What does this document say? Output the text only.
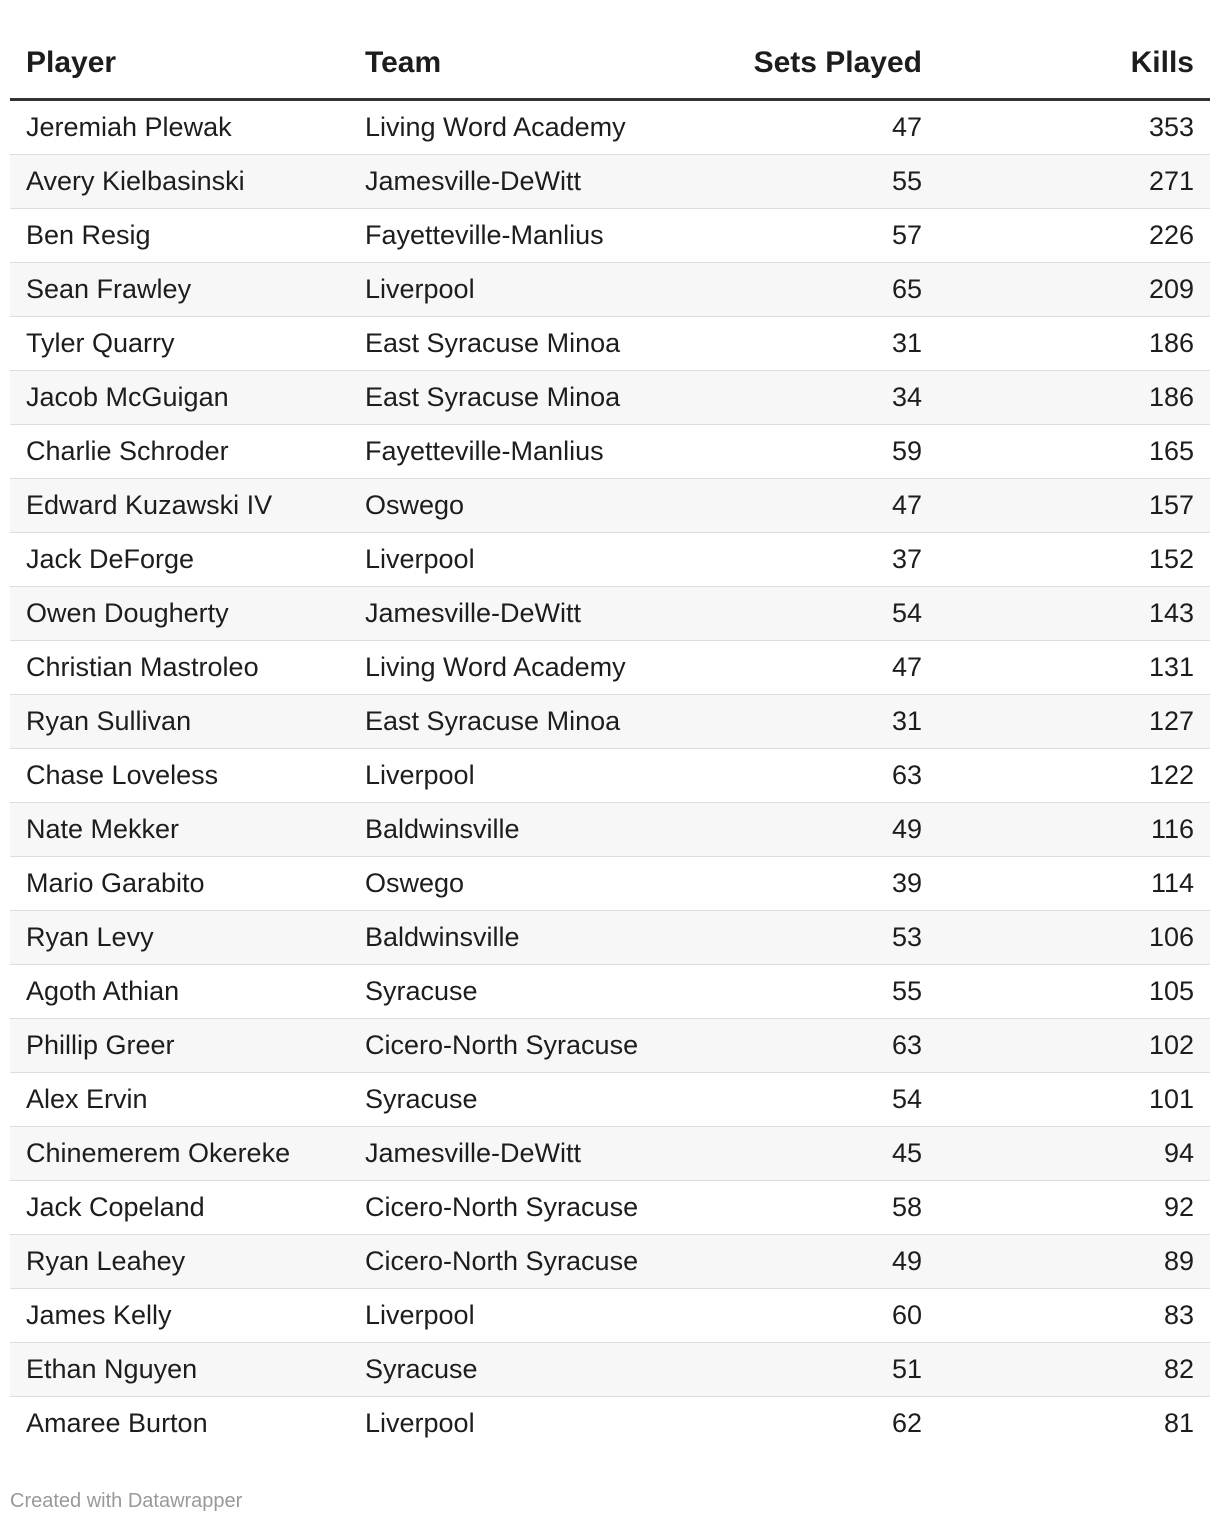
Player	Team	Sets Played	Kills
Jeremiah Plewak	Living Word Academy	47	353
Avery Kielbasinski	Jamesville-DeWitt	55	271
Ben Resig	Fayetteville-Manlius	57	226
Sean Frawley	Liverpool	65	209
Tyler Quarry	East Syracuse Minoa	31	186
Jacob McGuigan	East Syracuse Minoa	34	186
Charlie Schroder	Fayetteville-Manlius	59	165
Edward Kuzawski IV	Oswego	47	157
Jack DeForge	Liverpool	37	152
Owen Dougherty	Jamesville-DeWitt	54	143
Christian Mastroleo	Living Word Academy	47	131
Ryan Sullivan	East Syracuse Minoa	31	127
Chase Loveless	Liverpool	63	122
Nate Mekker	Baldwinsville	49	116
Mario Garabito	Oswego	39	114
Ryan Levy	Baldwinsville	53	106
Agoth Athian	Syracuse	55	105
Phillip Greer	Cicero-North Syracuse	63	102
Alex Ervin	Syracuse	54	101
Chinemerem Okereke	Jamesville-DeWitt	45	94
Jack Copeland	Cicero-North Syracuse	58	92
Ryan Leahey	Cicero-North Syracuse	49	89
James Kelly	Liverpool	60	83
Ethan Nguyen	Syracuse	51	82
Amaree Burton	Liverpool	62	81
Created with Datawrapper
